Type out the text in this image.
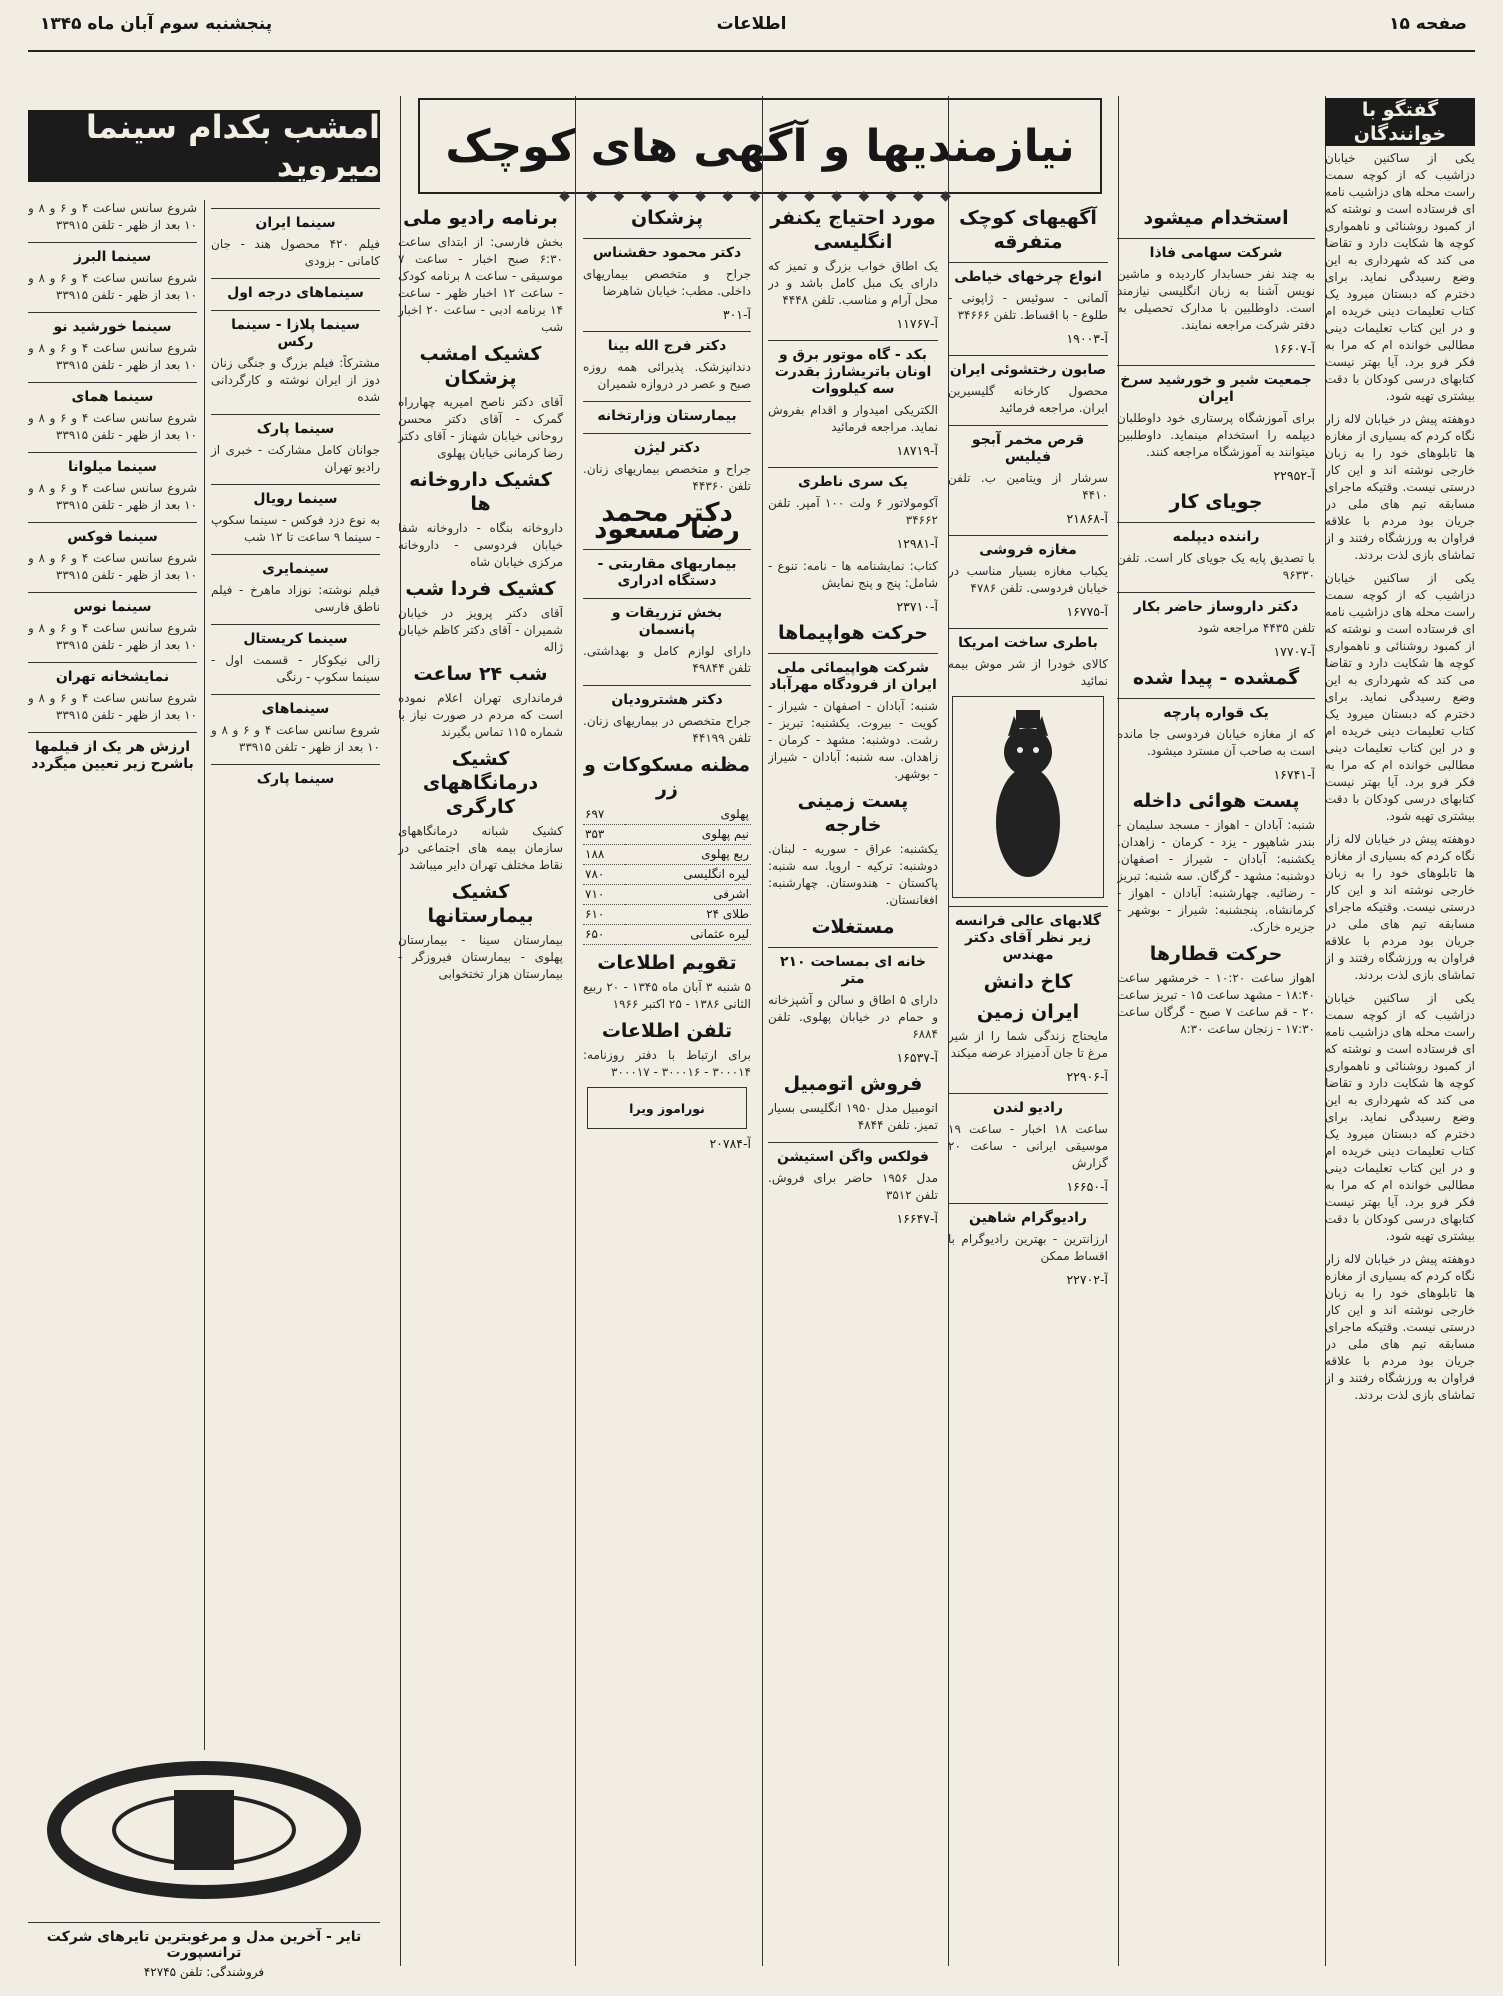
صفحه ۱۵
اطلاعات
پنجشنبه سوم آبان ماه ۱۳۴۵
نیازمندیها و آگهی های کوچک
◆ ◆ ◆ ◆ ◆ ◆ ◆ ◆ ◆ ◆ ◆ ◆ ◆ ◆ ◆
امشب بکدام سینما میروید
گفتگو با خوانندگان

یکی از ساکنین خیابان دزاشیب که از کوچه سمت راست محله های دزاشیب نامه ای فرستاده است و نوشته که از کمبود روشنائی و ناهمواری کوچه ها شکایت دارد و تقاضا می کند که شهرداری به این وضع رسیدگی نماید. برای دخترم که دبستان میرود یک کتاب تعلیمات دینی خریده ام و در این کتاب تعلیمات دینی مطالبی خوانده ام که مرا به فکر فرو برد. آیا بهتر نیست کتابهای درسی کودکان با دقت بیشتری تهیه شود.

دوهفته پیش در خیابان لاله زار نگاه کردم که بسیاری از مغازه ها تابلوهای خود را به زبان خارجی نوشته اند و این کار درستی نیست. وقتیکه ماجرای مسابقه تیم های ملی در جریان بود مردم با علاقه فراوان به ورزشگاه رفتند و از تماشای بازی لذت بردند.

یکی از ساکنین خیابان دزاشیب که از کوچه سمت راست محله های دزاشیب نامه ای فرستاده است و نوشته که از کمبود روشنائی و ناهمواری کوچه ها شکایت دارد و تقاضا می کند که شهرداری به این وضع رسیدگی نماید. برای دخترم که دبستان میرود یک کتاب تعلیمات دینی خریده ام و در این کتاب تعلیمات دینی مطالبی خوانده ام که مرا به فکر فرو برد. آیا بهتر نیست کتابهای درسی کودکان با دقت بیشتری تهیه شود.

دوهفته پیش در خیابان لاله زار نگاه کردم که بسیاری از مغازه ها تابلوهای خود را به زبان خارجی نوشته اند و این کار درستی نیست. وقتیکه ماجرای مسابقه تیم های ملی در جریان بود مردم با علاقه فراوان به ورزشگاه رفتند و از تماشای بازی لذت بردند.

یکی از ساکنین خیابان دزاشیب که از کوچه سمت راست محله های دزاشیب نامه ای فرستاده است و نوشته که از کمبود روشنائی و ناهمواری کوچه ها شکایت دارد و تقاضا می کند که شهرداری به این وضع رسیدگی نماید. برای دخترم که دبستان میرود یک کتاب تعلیمات دینی خریده ام و در این کتاب تعلیمات دینی مطالبی خوانده ام که مرا به فکر فرو برد. آیا بهتر نیست کتابهای درسی کودکان با دقت بیشتری تهیه شود.

دوهفته پیش در خیابان لاله زار نگاه کردم که بسیاری از مغازه ها تابلوهای خود را به زبان خارجی نوشته اند و این کار درستی نیست. وقتیکه ماجرای مسابقه تیم های ملی در جریان بود مردم با علاقه فراوان به ورزشگاه رفتند و از تماشای بازی لذت بردند.

استخدام میشود
شرکت سهامی فاذا

به چند نفر حسابدار کاردیده و ماشین نویس آشنا به زبان انگلیسی نیازمند است. داوطلبین با مدارک تحصیلی به دفتر شرکت مراجعه نمایند.

آ-۱۶۶۰۷

جمعیت شیر و خورشید سرخ ایران

برای آموزشگاه پرستاری خود داوطلبان دیپلمه را استخدام مینماید. داوطلبین میتوانند به آموزشگاه مراجعه کنند.

آ-۲۲۹۵۲

جویای کار
راننده دیپلمه

با تصدیق پایه یک جویای کار است. تلفن ۹۶۳۳۰

دکتر داروساز حاضر بکار

تلفن ۴۴۳۵ مراجعه شود

آ-۱۷۷۰۷

گمشده - پیدا شده
یک قواره پارچه

که از مغازه خیابان فردوسی جا مانده است به صاحب آن مسترد میشود.

آ-۱۶۷۴۱

پست هوائی داخله

شنبه: آبادان - اهواز - مسجد سلیمان - بندر شاهپور - یزد - کرمان - زاهدان. یکشنبه: آبادان - شیراز - اصفهان. دوشنبه: مشهد - گرگان. سه شنبه: تبریز - رضائیه. چهارشنبه: آبادان - اهواز - کرمانشاه. پنجشنبه: شیراز - بوشهر - جزیره خارک.

حرکت قطارها

اهواز ساعت ۱۰:۲۰ - خرمشهر ساعت ۱۸:۴۰ - مشهد ساعت ۱۵ - تبریز ساعت ۲۰ - قم ساعت ۷ صبح - گرگان ساعت ۱۷:۳۰ - زنجان ساعت ۸:۳۰

آگهیهای کوچک متفرقه
انواع چرخهای خیاطی

آلمانی - سوئیس - ژاپونی - طلوع - با اقساط. تلفن ۳۴۶۶۶

آ-۱۹۰۰۳

صابون رختشوئی ایران

محصول کارخانه گلیسیرین ایران. مراجعه فرمائید

قرص مخمر آبجو فیلیس

سرشار از ویتامین ب. تلفن ۴۴۱۰

آ-۲۱۸۶۸

مغازه فروشی

یکباب مغازه بسیار مناسب در خیابان فردوسی. تلفن ۴۷۸۶

آ-۱۶۷۷۵

باطری ساخت امریکا

کالای خودرا از شر موش بیمه نمائید

گلابهای عالی فرانسه زیر نظر آقای دکتر مهندس
کاخ دانش
ایران زمین

مایحتاج زندگی شما را از شیر مرغ تا جان آدمیزاد عرضه میکند

آ-۲۲۹۰۶

رادیو لندن

ساعت ۱۸ اخبار - ساعت ۱۹ موسیقی ایرانی - ساعت ۲۰ گزارش

آ-۱۶۶۵۰

رادیوگرام شاهین

ارزانترین - بهترین رادیوگرام با اقساط ممکن

آ-۲۲۷۰۲

مورد احتیاج یکنفر انگلیسی

یک اطاق خواب بزرگ و تمیز که دارای یک مبل کامل باشد و در محل آرام و مناسب. تلفن ۴۴۴۸

آ-۱۱۷۶۷

بکد - گاه موتور برق و اونان باتریشارژ بقدرت سه کیلووات

الکتریکی امیدوار و اقدام بفروش نماید. مراجعه فرمائید

آ-۱۸۷۱۹

یک سری ناطری

آکومولاتور ۶ ولت ۱۰۰ آمپر. تلفن ۳۴۶۶۲

آ-۱۲۹۸۱

کتاب: نمایشنامه ها - نامه: تنوع - شامل: پنج و پنج نمایش

آ-۲۳۷۱۰

حرکت هواپیماها
شرکت هواپیمائی ملی ایران از فرودگاه مهرآباد

شنبه: آبادان - اصفهان - شیراز - کویت - بیروت. یکشنبه: تبریز - رشت. دوشنبه: مشهد - کرمان - زاهدان. سه شنبه: آبادان - شیراز - بوشهر.

پست زمینی خارجه

یکشنبه: عراق - سوریه - لبنان. دوشنبه: ترکیه - اروپا. سه شنبه: پاکستان - هندوستان. چهارشنبه: افغانستان.

مستغلات
خانه ای بمساحت ۲۱۰ متر

دارای ۵ اطاق و سالن و آشپزخانه و حمام در خیابان پهلوی. تلفن ۶۸۸۴

آ-۱۶۵۳۷

فروش اتومبیل

اتومبیل مدل ۱۹۵۰ انگلیسی بسیار تمیز. تلفن ۴۸۴۴

فولکس واگن استیشن

مدل ۱۹۵۶ حاضر برای فروش. تلفن ۳۵۱۲

آ-۱۶۶۴۷

پزشکان
دکتر محمود حقشناس

جراح و متخصص بیماریهای داخلی. مطب: خیابان شاهرضا

آ-۳۰۱

دکتر فرج الله بینا

دندانپزشک. پذیرائی همه روزه صبح و عصر در دروازه شمیران

بیمارستان وزارتخانه
دکتر لیژن

جراح و متخصص بیماریهای زنان. تلفن ۴۴۳۶۰

دکتر محمد رضا مسعود
بیماریهای مقاربتی - دستگاه ادراری
بخش تزریقات و پانسمان

دارای لوازم کامل و بهداشتی. تلفن ۴۹۸۴۴

دکتر هشترودیان

جراح متخصص در بیماریهای زنان. تلفن ۴۴۱۹۹

مظنه مسکوکات و زر
پهلوی	۶۹۷
نیم پهلوی	۳۵۳
ربع پهلوی	۱۸۸
لیره انگلیسی	۷۸۰
اشرفی	۷۱۰
طلای ۲۴	۶۱۰
لیره عثمانی	۶۵۰
تقویم اطلاعات

۵ شنبه ۳ آبان ماه ۱۳۴۵ - ۲۰ ربیع الثانی ۱۳۸۶ - ۲۵ اکتبر ۱۹۶۶

تلفن اطلاعات

برای ارتباط با دفتر روزنامه: ۳۰۰۰۱۴ - ۳۰۰۰۱۶ - ۳۰۰۰۱۷

نوراموز ویرا

آ-۲۰۷۸۴

برنامه رادیو ملی

بخش فارسی: از ابتدای ساعت ۶:۳۰ صبح اخبار - ساعت ۷ موسیقی - ساعت ۸ برنامه کودک - ساعت ۱۲ اخبار ظهر - ساعت ۱۴ برنامه ادبی - ساعت ۲۰ اخبار شب

کشیک امشب پزشکان

آقای دکتر ناصح امیریه چهارراه گمرک - آقای دکتر محسن روحانی خیابان شهناز - آقای دکتر رضا کرمانی خیابان پهلوی

کشیک داروخانه ها

داروخانه بنگاه - داروخانه شفا خیابان فردوسی - داروخانه مرکزی خیابان شاه

کشیک فردا شب

آقای دکتر پرویز در خیابان شمیران - آقای دکتر کاظم خیابان ژاله

شب ۲۴ ساعت

فرمانداری تهران اعلام نموده است که مردم در صورت نیاز با شماره ۱۱۵ تماس بگیرند

کشیک درمانگاههای کارگری

کشیک شبانه درمانگاههای سازمان بیمه های اجتماعی در نقاط مختلف تهران دایر میباشد

کشیک بیمارستانها

بیمارستان سینا - بیمارستان پهلوی - بیمارستان فیروزگر - بیمارستان هزار تختخوابی

سینما ایران

فیلم ۴۲۰ محصول هند - جان کامانی - بزودی

سینماهای درجه اول
سینما پلازا - سینما رکس

مشترکاً: فیلم بزرگ و جنگی زنان دوز از ایران نوشته و کارگردانی شده

سینما پارک

جوانان کامل مشارکت - خبری از رادیو تهران

سینما رویال

به نوع دزد فوکس - سینما سکوپ - سینما ۹ ساعت تا ۱۲ شب

سینمایری

فیلم نوشته: نوزاد ماهرخ - فیلم ناطق فارسی

سینما کریستال

زالی نیکوکار - قسمت اول - سینما سکوپ - رنگی

سینماهای

شروع سانس ساعت ۴ و ۶ و ۸ و ۱۰ بعد از ظهر - تلفن ۳۳۹۱۵

سینما پارک

شروع سانس ساعت ۴ و ۶ و ۸ و ۱۰ بعد از ظهر - تلفن ۳۳۹۱۵

سینما البرز

شروع سانس ساعت ۴ و ۶ و ۸ و ۱۰ بعد از ظهر - تلفن ۳۳۹۱۵

سینما خورشید نو

شروع سانس ساعت ۴ و ۶ و ۸ و ۱۰ بعد از ظهر - تلفن ۳۳۹۱۵

سینما همای

شروع سانس ساعت ۴ و ۶ و ۸ و ۱۰ بعد از ظهر - تلفن ۳۳۹۱۵

سینما میلوانا

شروع سانس ساعت ۴ و ۶ و ۸ و ۱۰ بعد از ظهر - تلفن ۳۳۹۱۵

سینما فوکس

شروع سانس ساعت ۴ و ۶ و ۸ و ۱۰ بعد از ظهر - تلفن ۳۳۹۱۵

سینما نوس

شروع سانس ساعت ۴ و ۶ و ۸ و ۱۰ بعد از ظهر - تلفن ۳۳۹۱۵

نمایشخانه تهران

شروع سانس ساعت ۴ و ۶ و ۸ و ۱۰ بعد از ظهر - تلفن ۳۳۹۱۵

ارزش هر یک از فیلمها باشرح زیر تعیین میگردد
تایر - آخرین مدل و مرغوبترین تایرهای شرکت ترانسپورت
فروشندگی: تلفن ۴۲۷۴۵
